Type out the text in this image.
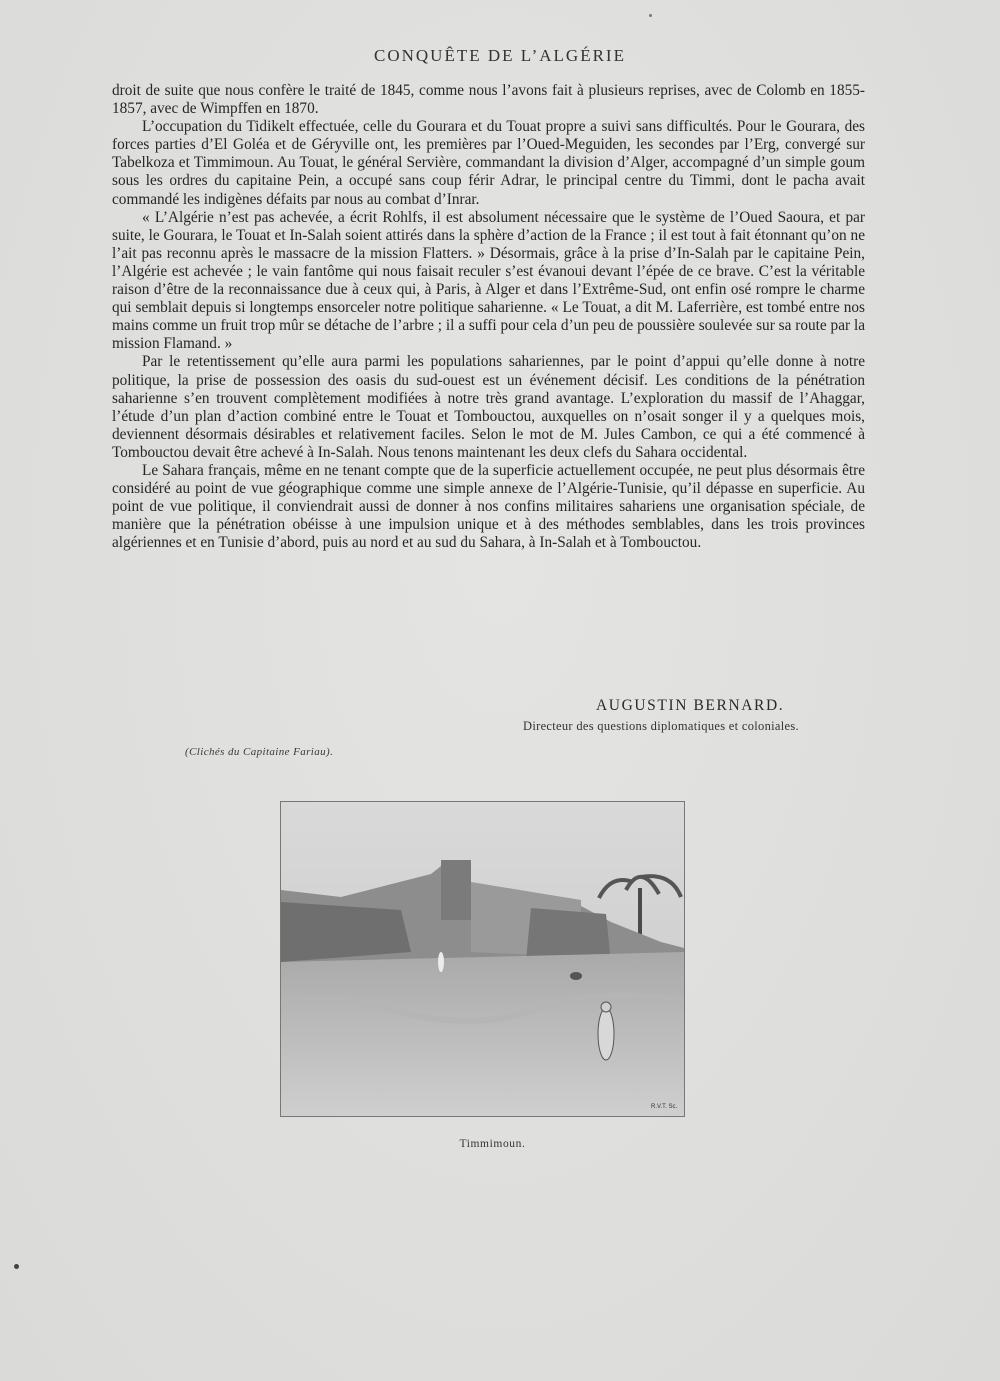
CONQUÊTE DE L’ALGÉRIE

droit de suite que nous confère le traité de 1845, comme nous l’avons fait à plusieurs reprises, avec de Colomb en 1855-1857, avec de Wimpffen en 1870.

L’occupation du Tidikelt effectuée, celle du Gourara et du Touat propre a suivi sans difficultés. Pour le Gourara, des forces parties d’El Goléa et de Géryville ont, les premières par l’Oued-Meguiden, les secondes par l’Erg, convergé sur Tabelkoza et Timmimoun. Au Touat, le général Servière, commandant la division d’Alger, accompagné d’un simple goum sous les ordres du capitaine Pein, a occupé sans coup férir Adrar, le principal centre du Timmi, dont le pacha avait commandé les indigènes défaits par nous au combat d’Inrar.

« L’Algérie n’est pas achevée, a écrit Rohlfs, il est absolument nécessaire que le système de l’Oued Saoura, et par suite, le Gourara, le Touat et In-Salah soient attirés dans la sphère d’action de la France ; il est tout à fait étonnant qu’on ne l’ait pas reconnu après le massacre de la mission Flatters. » Désormais, grâce à la prise d’In-Salah par le capitaine Pein, l’Algérie est achevée ; le vain fantôme qui nous faisait reculer s’est évanoui devant l’épée de ce brave. C’est la véritable raison d’être de la reconnaissance due à ceux qui, à Paris, à Alger et dans l’Extrême-Sud, ont enfin osé rompre le charme qui semblait depuis si longtemps ensorceler notre politique saharienne. « Le Touat, a dit M. Laferrière, est tombé entre nos mains comme un fruit trop mûr se détache de l’arbre ; il a suffi pour cela d’un peu de poussière soulevée sur sa route par la mission Flamand. »

Par le retentissement qu’elle aura parmi les populations sahariennes, par le point d’appui qu’elle donne à notre politique, la prise de possession des oasis du sud-ouest est un événement décisif. Les conditions de la pénétration saharienne s’en trouvent complètement modifiées à notre très grand avantage. L’exploration du massif de l’Ahaggar, l’étude d’un plan d’action combiné entre le Touat et Tombouctou, auxquelles on n’osait songer il y a quelques mois, deviennent désormais désirables et relativement faciles. Selon le mot de M. Jules Cambon, ce qui a été commencé à Tombouctou devait être achevé à In-Salah. Nous tenons maintenant les deux clefs du Sahara occidental.

Le Sahara français, même en ne tenant compte que de la superficie actuellement occupée, ne peut plus désormais être considéré au point de vue géographique comme une simple annexe de l’Algérie-Tunisie, qu’il dépasse en superficie. Au point de vue politique, il conviendrait aussi de donner à nos confins militaires sahariens une organisation spéciale, de manière que la pénétration obéisse à une impulsion unique et à des méthodes semblables, dans les trois provinces algériennes et en Tunisie d’abord, puis au nord et au sud du Sahara, à In-Salah et à Tombouctou.

AUGUSTIN BERNARD.
Directeur des questions diplomatiques et coloniales.
(Clichés du Capitaine Fariau).
R.V.T. Sc.
Timmimoun.
